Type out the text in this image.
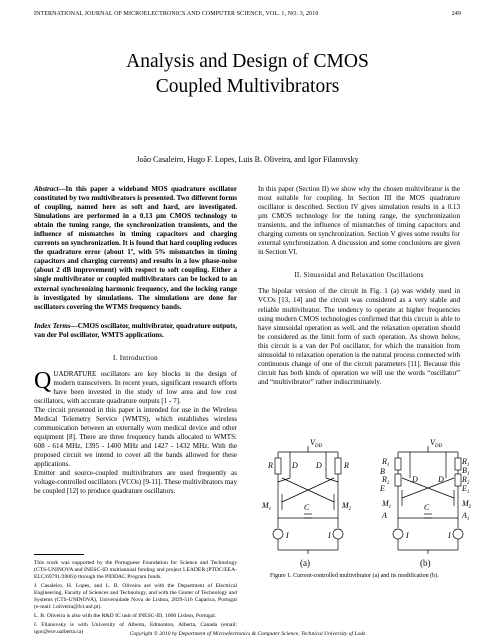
INTERNATIONAL JOURNAL OF MICROELECTRONICS AND COMPUTER SCIENCE, VOL. 1, NO. 3, 2010	249
Analysis and Design of CMOS
Coupled Multivibrators
João Casaleiro, Hugo F. Lopes, Luis B. Oliveira, and Igor Filanovsky

Abstract—In this paper a wideband MOS quadrature oscillator constituted by two multivibrators is presented. Two different forms of coupling, named here as soft and hard, are investigated. Simulations are performed in a 0.13 µm CMOS technology to obtain the tuning range, the synchronization transients, and the influence of mismatches in timing capacitors and charging currents on synchronization. It is found that hard coupling reduces the quadrature error (about 1º, with 5% mismatches in timing capacitors and charging currents) and results in a low phase-noise (about 2 dB improvement) with respect to soft coupling. Either a single multivibrator or coupled multivibrators can be locked to an external synchronizing harmonic frequency, and the locking range is investigated by simulations. The simulations are done for oscillators covering the WTMS frequency bands.

Index Terms—CMOS oscillator, multivibrator, quadrature outputs, van der Pol oscillator, WMTS applications.

I. Introduction

QUADRATURE oscillators are key blocks in the design of modern transceivers. In recent years, significant research efforts have been invested in the study of low area and low cost oscillators, with accurate quadrature outputs [1 - 7].

The circuit presented in this paper is intended for use in the Wireless Medical Telemetry Service (WMTS), which establishes wireless communication between an externally worn medical device and other equipment [8]. There are three frequency bands allocated to WMTS: 608 - 614 MHz, 1395 - 1400 MHz and 1427 - 1432 MHz. With the proposed circuit we intend to cover all the bands allowed for these applications.

Emitter and source-coupled multivibrators are used frequently as voltage-controlled oscillators (VCOs) [9-11]. These multivibrators may be coupled [12] to produce quadrature oscillators.

This work was supported by the Portuguese Foundation for Science and Technology (CTS-UNINOVA and INESC-ID multiannual funding and project LEADER (PTDC/EEA-ELC/69791/2006)) through the PIDDAC Program funds.

J. Casaleiro, H. Lopes, and L. B. Oliveira are with the Department of Electrical Engineering, Faculty of Sciences and Technology, and with the Center of Technology and Systems (CTS-UNINOVA), Universidade Nova de Lisboa, 2829-516 Caparica, Portugal (e-mail: l.oliveira@fct.unl.pt).

L. B. Oliveira is also with the R&D IC unit of INESC-ID, 1000 Lisbon, Portugal.

I. Filanovsky is with University of Alberta, Edmonton, Alberta, Canada (email: igor@ece.ualberta.ca)

In this paper (Section II) we show why the chosen multivibrator is the most suitable for coupling. In Section III the MOS quadrature oscillator is described. Section IV gives simulation results in a 0.13 µm CMOS technology for the tuning range, the synchronization transients, and the influence of mismatches of timing capacitors and charging currents on synchronization. Section V gives some results for external synchronization. A discussion and some conclusions are given in Section VI.

II. Sinusoidal and Relaxation Oscillations

The bipolar version of the circuit in Fig. 1 (a) was widely used in VCOs [13, 14] and the circuit was considered as a very stable and reliable multivibrator. The tendency to operate at higher frequencies using modern CMOS technologies confirmed that this circuit is able to have sinusoidal operation as well, and the relaxation operation should be considered as the limit form of such operation. As shown below, this circuit is a van der Pol oscillator, for which the transition from sinusoidal to relaxation operation is the natural process connected with continuous change of one of the circuit parameters [11]. Because this circuit has both kinds of operation we will use the words “oscillator” and “multivibrator” rather indiscriminately.

$V_{DD}$
R D D	R
$M_1$	$M_2$
C
I	I
$V_{DD}$
$R_1$
$R_2$
$R_1$
$R_2$
B	$B_1$
E	$E_1$
D	D
$M_1$	$M_2$
A	$A_1$
C
I	I
(a)	(b)
Figure 1. Current-controlled multivibrator (a) and its modification (b).
Copyright © 2010 by Department of Microelectronics & Computer Science, Technical University of Lodz
